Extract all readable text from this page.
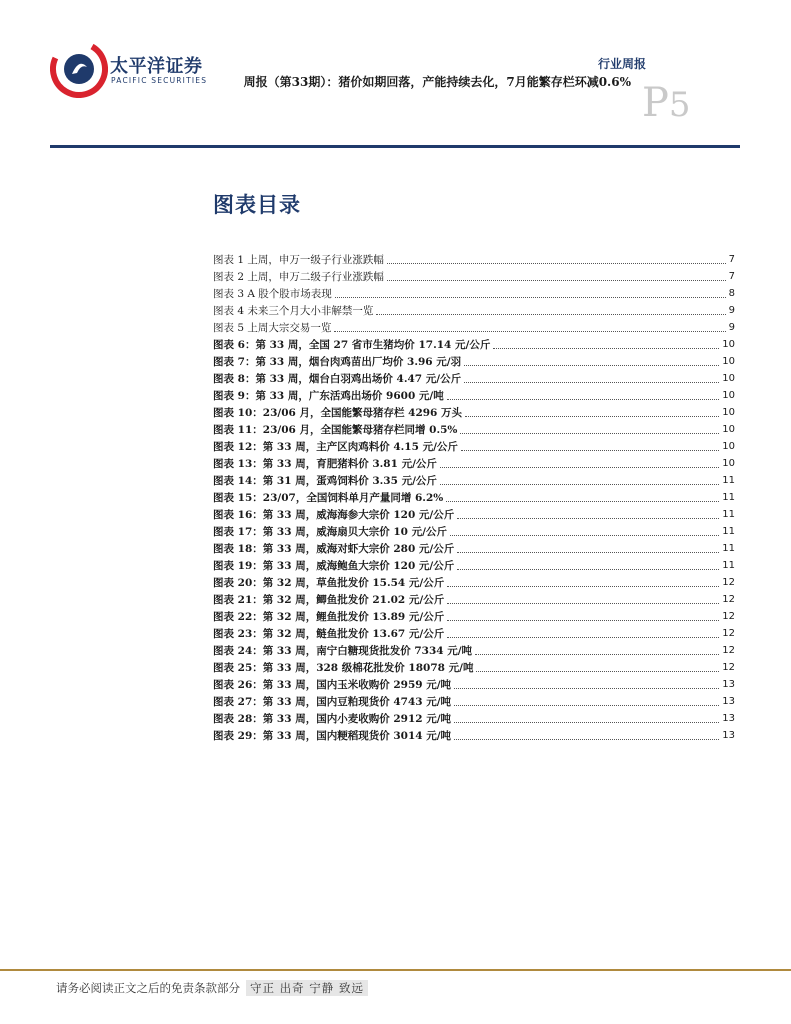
太平洋证券
PACIFIC SECURITIES
行业周报
周报（第33期）：猪价如期回落，产能持续去化，7月能繁存栏环减0.6% P5
图表目录
图表 1 上周，申万一级子行业涨跌幅	7
图表 2 上周，申万二级子行业涨跌幅	7
图表 3 A 股个股市场表现	8
图表 4 未来三个月大小非解禁一览	9
图表 5 上周大宗交易一览	9
图表 6：第 33 周，全国 27 省市生猪均价 17.14 元/公斤	10
图表 7：第 33 周，烟台肉鸡苗出厂均价 3.96 元/羽	10
图表 8：第 33 周，烟台白羽鸡出场价 4.47 元/公斤	10
图表 9：第 33 周，广东活鸡出场价 9600 元/吨	10
图表 10：23/06 月，全国能繁母猪存栏 4296 万头	10
图表 11：23/06 月，全国能繁母猪存栏同增 0.5%	10
图表 12：第 33 周，主产区肉鸡料价 4.15 元/公斤	10
图表 13：第 33 周，育肥猪料价 3.81 元/公斤	10
图表 14：第 31 周，蛋鸡饲料价 3.35 元/公斤	11
图表 15：23/07，全国饲料单月产量同增 6.2%	11
图表 16：第 33 周，威海海参大宗价 120 元/公斤	11
图表 17：第 33 周，威海扇贝大宗价 10 元/公斤	11
图表 18：第 33 周，威海对虾大宗价 280 元/公斤	11
图表 19：第 33 周，威海鲍鱼大宗价 120 元/公斤	11
图表 20：第 32 周，草鱼批发价 15.54 元/公斤	12
图表 21：第 32 周，鲫鱼批发价 21.02 元/公斤	12
图表 22：第 32 周，鲤鱼批发价 13.89 元/公斤	12
图表 23：第 32 周，鲢鱼批发价 13.67 元/公斤	12
图表 24：第 33 周，南宁白糖现货批发价 7334 元/吨	12
图表 25：第 33 周，328 级棉花批发价 18078 元/吨	12
图表 26：第 33 周，国内玉米收购价 2959 元/吨	13
图表 27：第 33 周，国内豆粕现货价 4743 元/吨	13
图表 28：第 33 周，国内小麦收购价 2912 元/吨	13
图表 29：第 33 周，国内粳稻现货价 3014 元/吨	13
请务必阅读正文之后的免责条款部分 守正 出奇 宁静 致远
